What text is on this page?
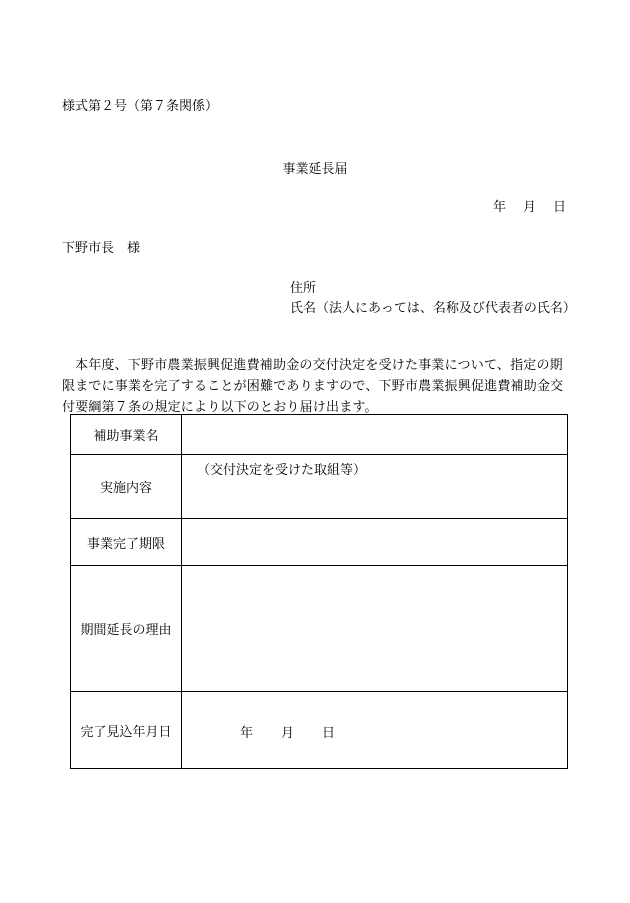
様式第２号（第７条関係）
事業延長届
年 月 日
下野市長　様
住所
氏名（法人にあっては、名称及び代表者の氏名）
本年度、下野市農業振興促進費補助金の交付決定を受けた事業について、指定の期限までに事業を完了することが困難でありますので、下野市農業振興促進費補助金交付要綱第７条の規定により以下のとおり届け出ます。
補助事業名	
実施内容	（交付決定を受けた取組等）

事業完了期限	
期間延長の理由	
完了見込年月日	年 月 日
